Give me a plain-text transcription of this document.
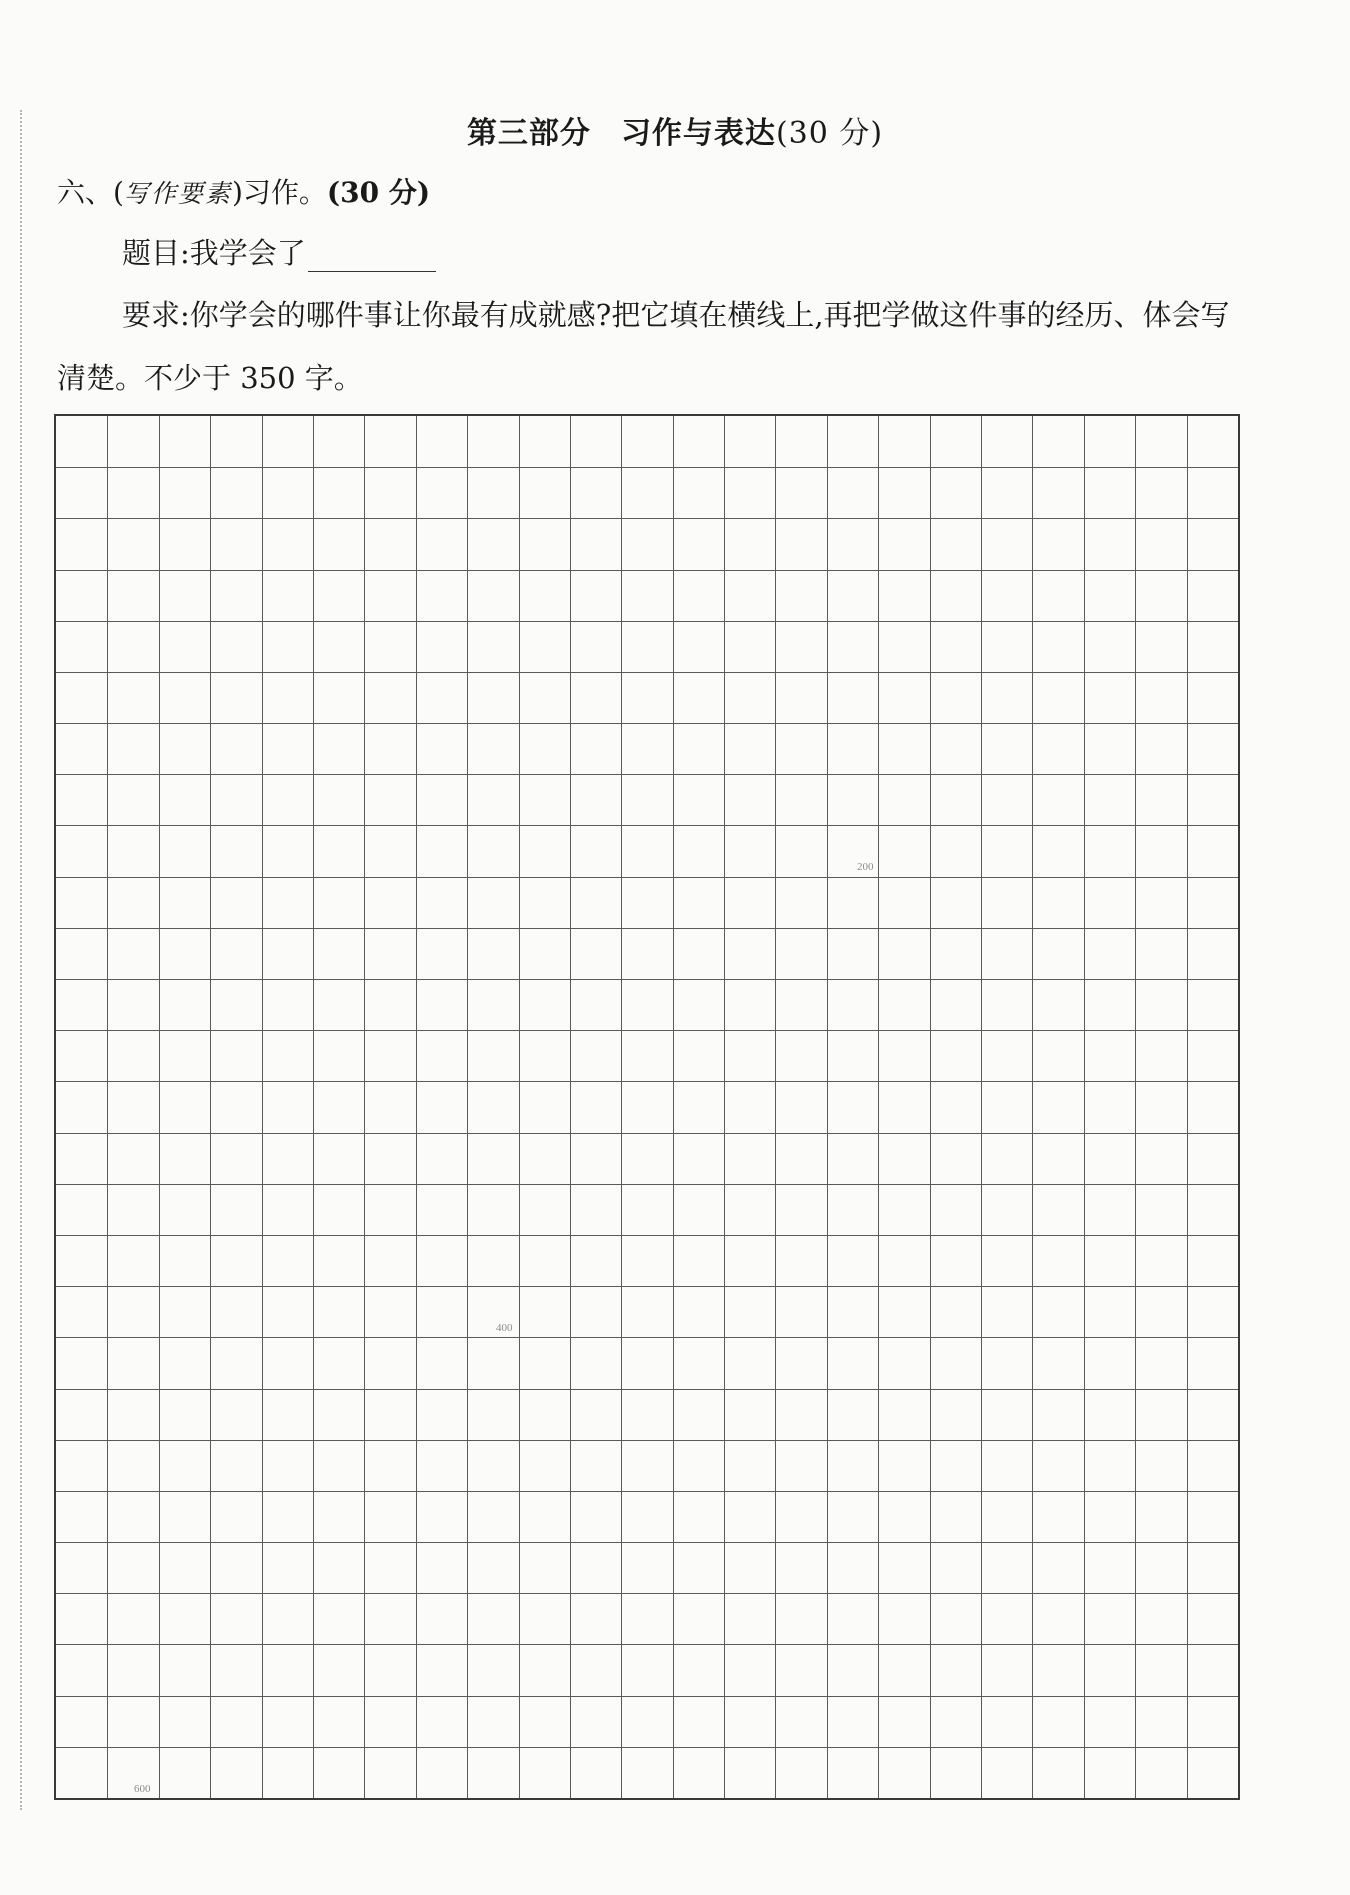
第三部分 习作与表达(30 分)
六、(写作要素)习作。(30 分)
题目:我学会了
要求:你学会的哪件事让你最有成就感?把它填在横线上,再把学做这件事的经历、体会写清楚。不少于 350 字。
200
400
600
